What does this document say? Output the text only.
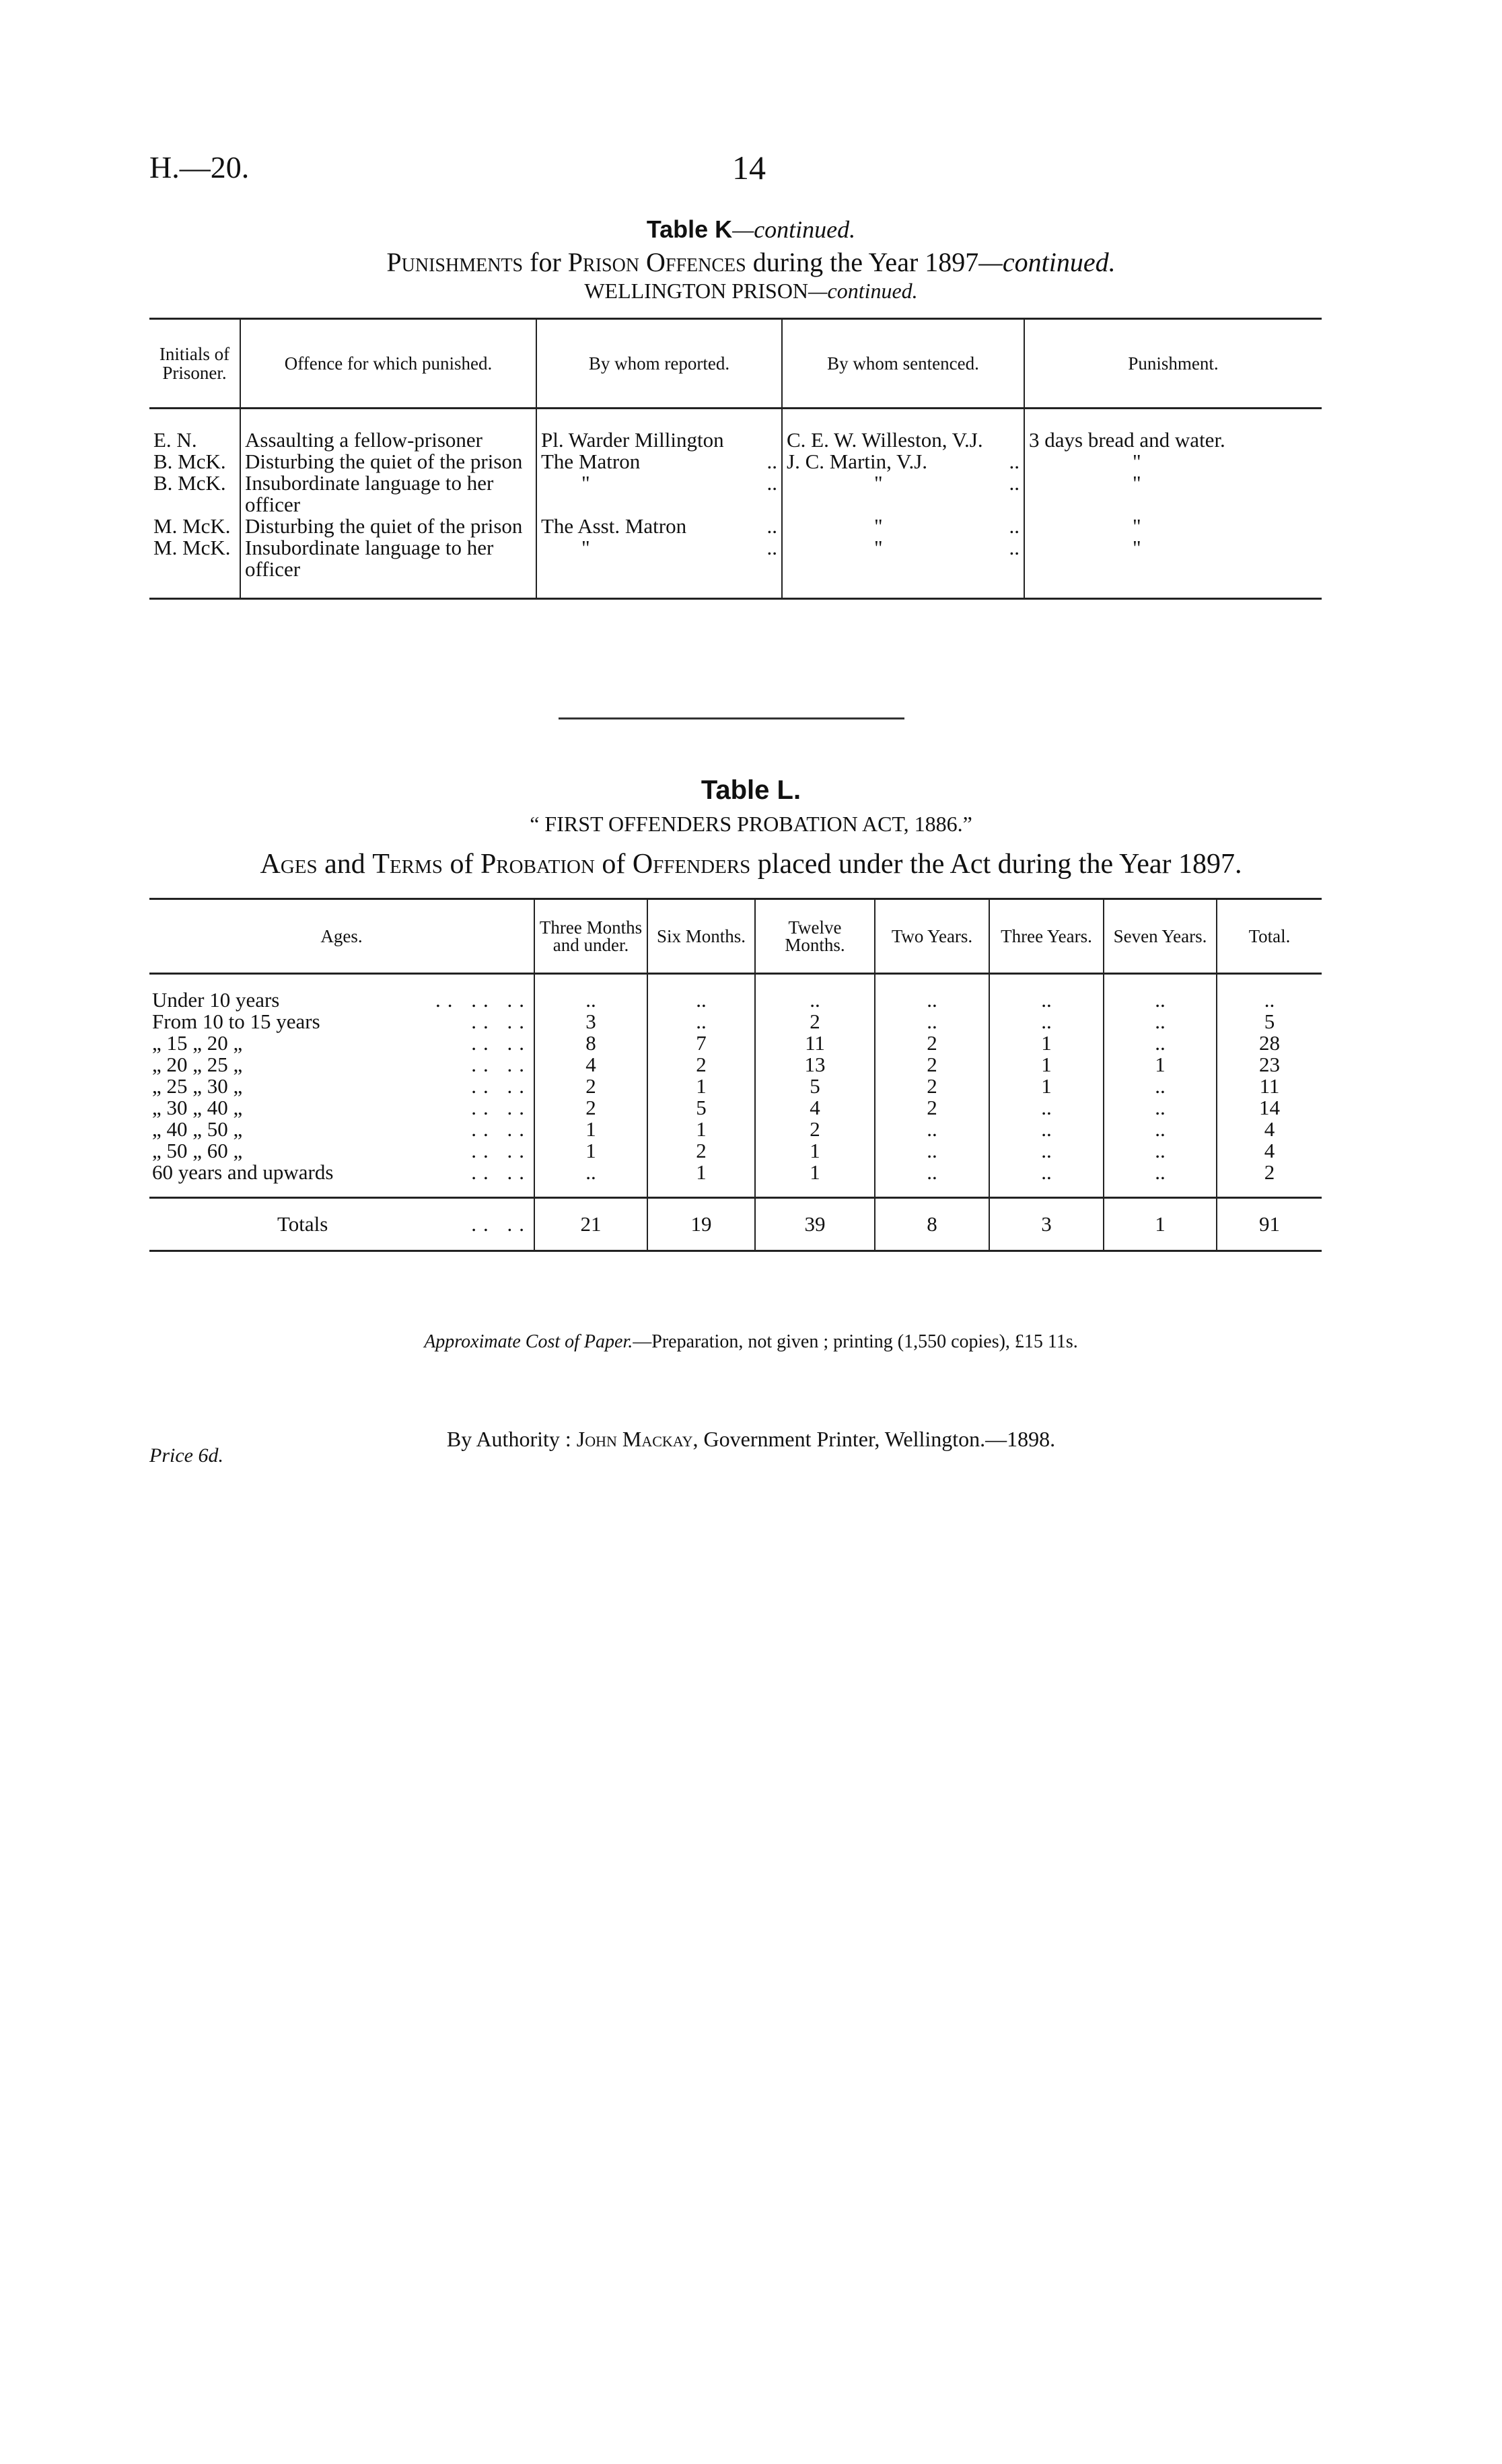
H.—20.	14
Table K—continued.
Punishments for Prison Offences during the Year 1897—continued.
WELLINGTON PRISON—continued.
Initials of Prisoner.	Offence for which punished.	By whom reported.	By whom sentenced.	Punishment.

E. N.	Assaulting a fellow-prisoner	Pl. Warder Millington	C. E. W. Willeston, V.J.	3 days bread and water.
B. McK.	Disturbing the quiet of the prison	The Matron ..	J. C. Martin, V.J. ..	"
B. McK.	Insubordinate language to her officer	" ..	" ..	"
M. McK.	Disturbing the quiet of the prison	The Asst. Matron ..	" ..	"
M. McK.	Insubordinate language to her officer	" ..	" ..	"
Table L.
“ FIRST OFFENDERS PROBATION ACT, 1886.”
Ages and Terms of Probation of Offenders placed under the Act during the Year 1897.
Ages.	Three Months and under.	Six Months.	Twelve Months.	Two Years.	Three Years.	Seven Years.	Total.
Under 10 years .. .. ..	..	..	..	..	..	..	..
From 10 to 15 years .. ..	3	..	2	..	..	..	5
„ 15 „ 20 „ .. ..	8	7	11	2	1	..	28
„ 20 „ 25 „ .. ..	4	2	13	2	1	1	23
„ 25 „ 30 „ .. ..	2	1	5	2	1	..	11
„ 30 „ 40 „ .. ..	2	5	4	2	..	..	14
„ 40 „ 50 „ .. ..	1	1	2	..	..	..	4
„ 50 „ 60 „ .. ..	1	2	1	..	..	..	4
60 years and upwards .. ..	..	1	1	..	..	..	2
Totals .. ..	21	19	39	8	3	1	91
Approximate Cost of Paper.—Preparation, not given ; printing (1,550 copies), £15 11s.
Price 6d.
By Authority : John Mackay, Government Printer, Wellington.—1898.
